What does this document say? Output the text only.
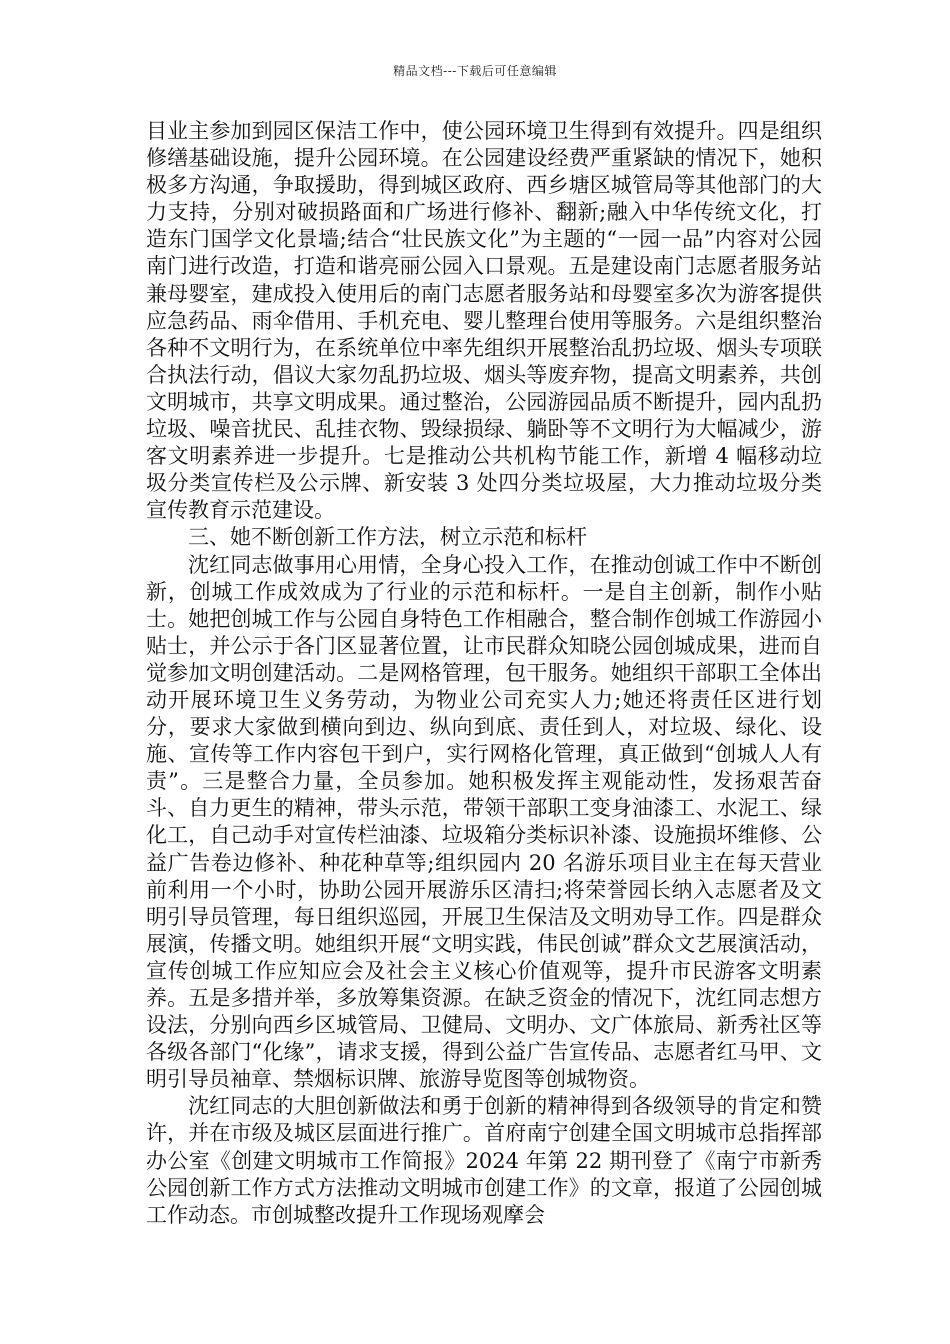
精品文档---下载后可任意编辑

目业主参加到园区保洁工作中，使公园环境卫生得到有效提升。四是组织修缮基础设施，提升公园环境。在公园建设经费严重紧缺的情况下，她积极多方沟通，争取援助，得到城区政府、西乡塘区城管局等其他部门的大力支持，分别对破损路面和广场进行修补、翻新;融入中华传统文化，打造东门国学文化景墙;结合“壮民族文化”为主题的“一园一品”内容对公园南门进行改造，打造和谐亮丽公园入口景观。五是建设南门志愿者服务站兼母婴室，建成投入使用后的南门志愿者服务站和母婴室多次为游客提供应急药品、雨伞借用、手机充电、婴儿整理台使用等服务。六是组织整治各种不文明行为，在系统单位中率先组织开展整治乱扔垃圾、烟头专项联合执法行动，倡议大家勿乱扔垃圾、烟头等废弃物，提高文明素养，共创文明城市，共享文明成果。通过整治，公园游园品质不断提升，园内乱扔垃圾、噪音扰民、乱挂衣物、毁绿损绿、躺卧等不文明行为大幅减少，游客文明素养进一步提升。七是推动公共机构节能工作，新增 4 幅移动垃圾分类宣传栏及公示牌、新安装 3 处四分类垃圾屋，大力推动垃圾分类宣传教育示范建设。

三、她不断创新工作方法，树立示范和标杆

沈红同志做事用心用情，全身心投入工作，在推动创诚工作中不断创新，创城工作成效成为了行业的示范和标杆。一是自主创新，制作小贴士。她把创城工作与公园自身特色工作相融合，整合制作创城工作游园小贴士，并公示于各门区显著位置，让市民群众知晓公园创城成果，进而自觉参加文明创建活动。二是网格管理，包干服务。她组织干部职工全体出动开展环境卫生义务劳动，为物业公司充实人力;她还将责任区进行划分，要求大家做到横向到边、纵向到底、责任到人，对垃圾、绿化、设施、宣传等工作内容包干到户，实行网格化管理，真正做到“创城人人有责”。三是整合力量，全员参加。她积极发挥主观能动性，发扬艰苦奋斗、自力更生的精神，带头示范，带领干部职工变身油漆工、水泥工、绿化工，自己动手对宣传栏油漆、垃圾箱分类标识补漆、设施损坏维修、公益广告卷边修补、种花种草等;组织园内 20 名游乐项目业主在每天营业前利用一个小时，协助公园开展游乐区清扫;将荣誉园长纳入志愿者及文明引导员管理，每日组织巡园，开展卫生保洁及文明劝导工作。四是群众展演，传播文明。她组织开展“文明实践，伟民创诚”群众文艺展演活动，宣传创城工作应知应会及社会主义核心价值观等，提升市民游客文明素养。五是多措并举，多放筹集资源。在缺乏资金的情况下，沈红同志想方设法，分别向西乡区城管局、卫健局、文明办、文广体旅局、新秀社区等各级各部门“化缘”，请求支援，得到公益广告宣传品、志愿者红马甲、文明引导员袖章、禁烟标识牌、旅游导览图等创城物资。

沈红同志的大胆创新做法和勇于创新的精神得到各级领导的肯定和赞许，并在市级及城区层面进行推广。首府南宁创建全国文明城市总指挥部办公室《创建文明城市工作简报》2024 年第 22 期刊登了《南宁市新秀公园创新工作方式方法推动文明城市创建工作》的文章，报道了公园创城工作动态。市创城整改提升工作现场观摩会
